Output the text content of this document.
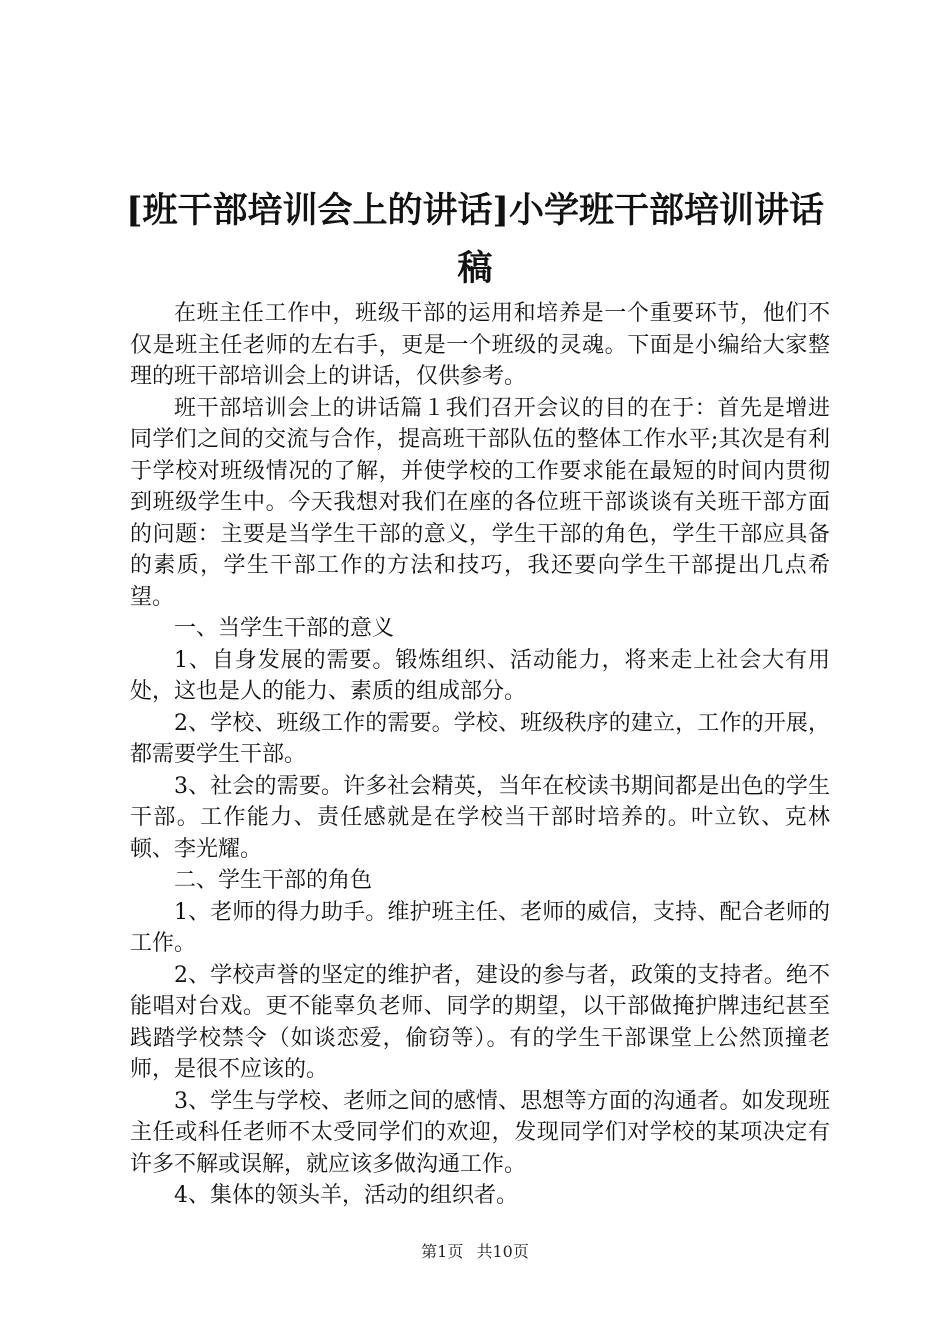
[班干部培训会上的讲话]小学班干部培训讲话
稿

在班主任工作中，班级干部的运用和培养是一个重要环节，他们不仅是班主任老师的左右手，更是一个班级的灵魂。下面是小编给大家整理的班干部培训会上的讲话，仅供参考。

班干部培训会上的讲话篇１我们召开会议的目的在于：首先是增进同学们之间的交流与合作，提高班干部队伍的整体工作水平;其次是有利于学校对班级情况的了解，并使学校的工作要求能在最短的时间内贯彻到班级学生中。今天我想对我们在座的各位班干部谈谈有关班干部方面的问题：主要是当学生干部的意义，学生干部的角色，学生干部应具备的素质，学生干部工作的方法和技巧，我还要向学生干部提出几点希望。

一、当学生干部的意义

1、自身发展的需要。锻炼组织、活动能力，将来走上社会大有用处，这也是人的能力、素质的组成部分。

2、学校、班级工作的需要。学校、班级秩序的建立，工作的开展，都需要学生干部。

3、社会的需要。许多社会精英，当年在校读书期间都是出色的学生干部。工作能力、责任感就是在学校当干部时培养的。叶立钦、克林顿、李光耀。

二、学生干部的角色

1、老师的得力助手。维护班主任、老师的威信，支持、配合老师的工作。

2、学校声誉的坚定的维护者，建设的参与者，政策的支持者。绝不能唱对台戏。更不能辜负老师、同学的期望，以干部做掩护牌违纪甚至践踏学校禁令（如谈恋爱，偷窃等）。有的学生干部课堂上公然顶撞老师，是很不应该的。

3、学生与学校、老师之间的感情、思想等方面的沟通者。如发现班主任或科任老师不太受同学们的欢迎，发现同学们对学校的某项决定有许多不解或误解，就应该多做沟通工作。

4、集体的领头羊，活动的组织者。

第1页 共10页
